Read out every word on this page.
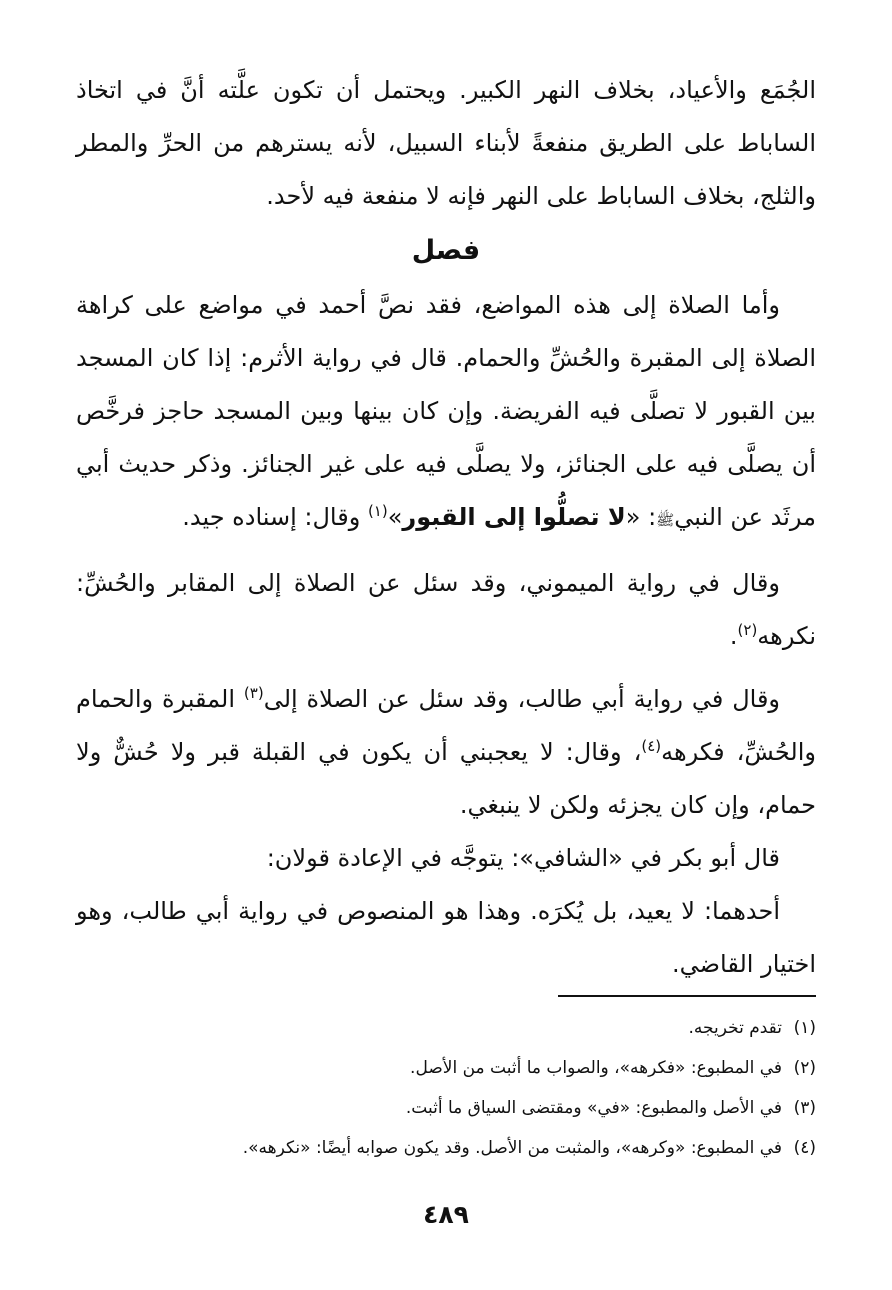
الجُمَع والأعياد، بخلاف النهر الكبير. ويحتمل أن تكون علَّته أنَّ في اتخاذ الساباط على الطريق منفعةً لأبناء السبيل، لأنه يسترهم من الحرِّ والمطر والثلج، بخلاف الساباط على النهر فإنه لا منفعة فيه لأحد.

فصل

وأما الصلاة إلى هذه المواضع، فقد نصَّ أحمد في مواضع على كراهة الصلاة إلى المقبرة والحُشِّ والحمام. قال في رواية الأثرم: إذا كان المسجد بين القبور لا تصلَّى فيه الفريضة. وإن كان بينها وبين المسجد حاجز فرخَّص أن يصلَّى فيه على الجنائز، ولا يصلَّى فيه على غير الجنائز. وذكر حديث أبي مرثَد عن النبيﷺ: «لا تصلُّوا إلى القبور»$^{(١)}$ وقال: إسناده جيد.

وقال في رواية الميموني، وقد سئل عن الصلاة إلى المقابر والحُشِّ: نكرهه$^{(٢)}$.

وقال في رواية أبي طالب، وقد سئل عن الصلاة إلى$^{(٣)}$ المقبرة والحمام والحُشِّ، فكرهه$^{(٤)}$، وقال: لا يعجبني أن يكون في القبلة قبر ولا حُشٌّ ولا حمام، وإن كان يجزئه ولكن لا ينبغي.

قال أبو بكر في «الشافي»: يتوجَّه في الإعادة قولان:

أحدهما: لا يعيد، بل يُكرَه. وهذا هو المنصوص في رواية أبي طالب، وهو اختيار القاضي.

(١)
تقدم تخريجه.
(٢)
في المطبوع: «فكرهه»، والصواب ما أثبت من الأصل.
(٣)
في الأصل والمطبوع: «في» ومقتضى السياق ما أثبت.
(٤)
في المطبوع: «وكرهه»، والمثبت من الأصل. وقد يكون صوابه أيضًا: «نكرهه».
٤٨٩
